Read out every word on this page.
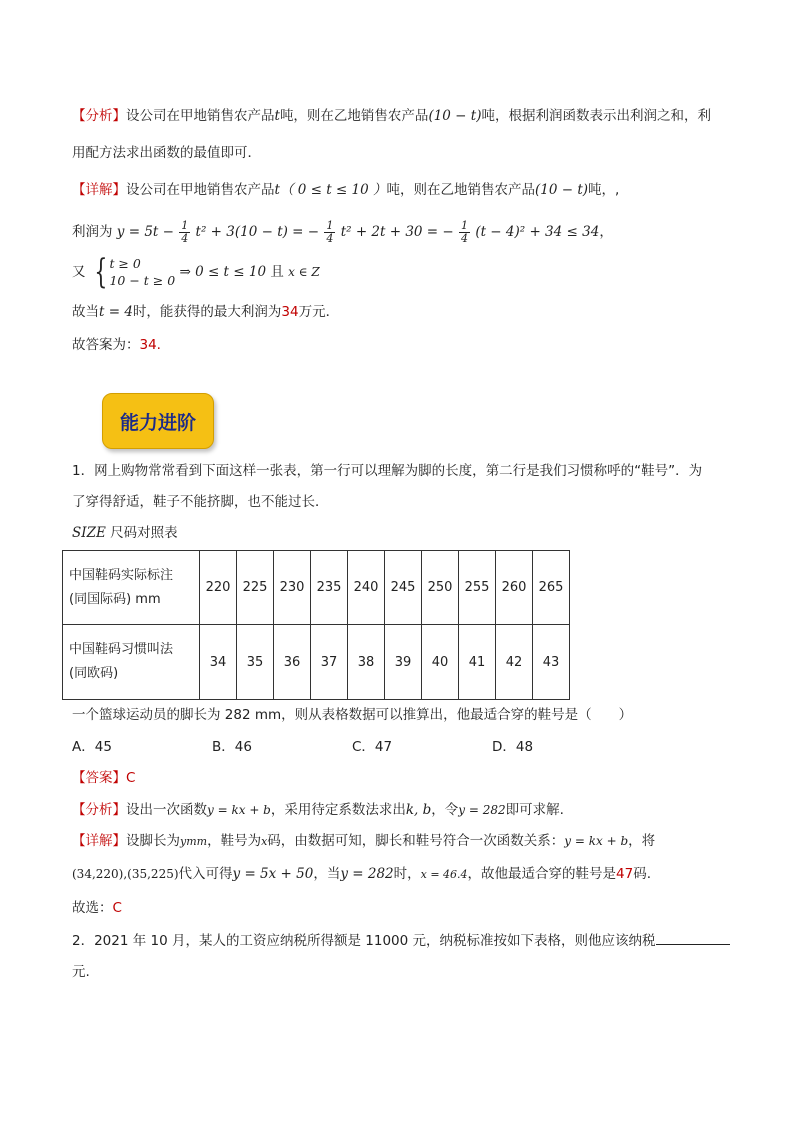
【分析】设公司在甲地销售农产品t吨，则在乙地销售农产品(10 − t)吨，根据利润函数表示出利润之和，利
用配方法求出函数的最值即可．
【详解】设公司在甲地销售农产品t（ 0 ≤ t ≤ 10 ）吨，则在乙地销售农产品(10 − t)吨，,
利润为 $y = 5t - \frac{1}{4} t^2 + 3(10 - t)$ = − $\frac{1}{4} t^2 + 2t + 30$ = − $\frac{1}{4} (t - 4)^2 + 34 \le 34$，
又 { t ≥ 0
10 − t ≥ 0
⇒ 0 ≤ t ≤ 10 且 x ∈ Z
故当t = 4时，能获得的最大利润为34万元．
故答案为：34.
能力进阶
1．网上购物常常看到下面这样一张表，第一行可以理解为脚的长度，第二行是我们习惯称呼的“鞋号”．为
了穿得舒适，鞋子不能挤脚，也不能过长．
SIZE 尺码对照表
中国鞋码实际标注
(同国际码) mm	220	225	230	235	240	245	250	255	260	265

中国鞋码习惯叫法
(同欧码)	34	35	36	37	38	39	40	41	42	43
一个篮球运动员的脚长为 282 mm，则从表格数据可以推算出，他最适合穿的鞋号是（　　）
A．45	B．46	C．47	D．48
【答案】C
【分析】设出一次函数y = kx + b，采用待定系数法求出k, b，令y = 282即可求解.
【详解】设脚长为ymm，鞋号为x码，由数据可知，脚长和鞋号符合一次函数关系：y = kx + b，将
(34,220),(35,225)代入可得y = 5x + 50，当y = 282时，x = 46.4，故他最适合穿的鞋号是47码.
故选：C
2．2021 年 10 月，某人的工资应纳税所得额是 11000 元，纳税标准按如下表格，则他应该纳税
元.
